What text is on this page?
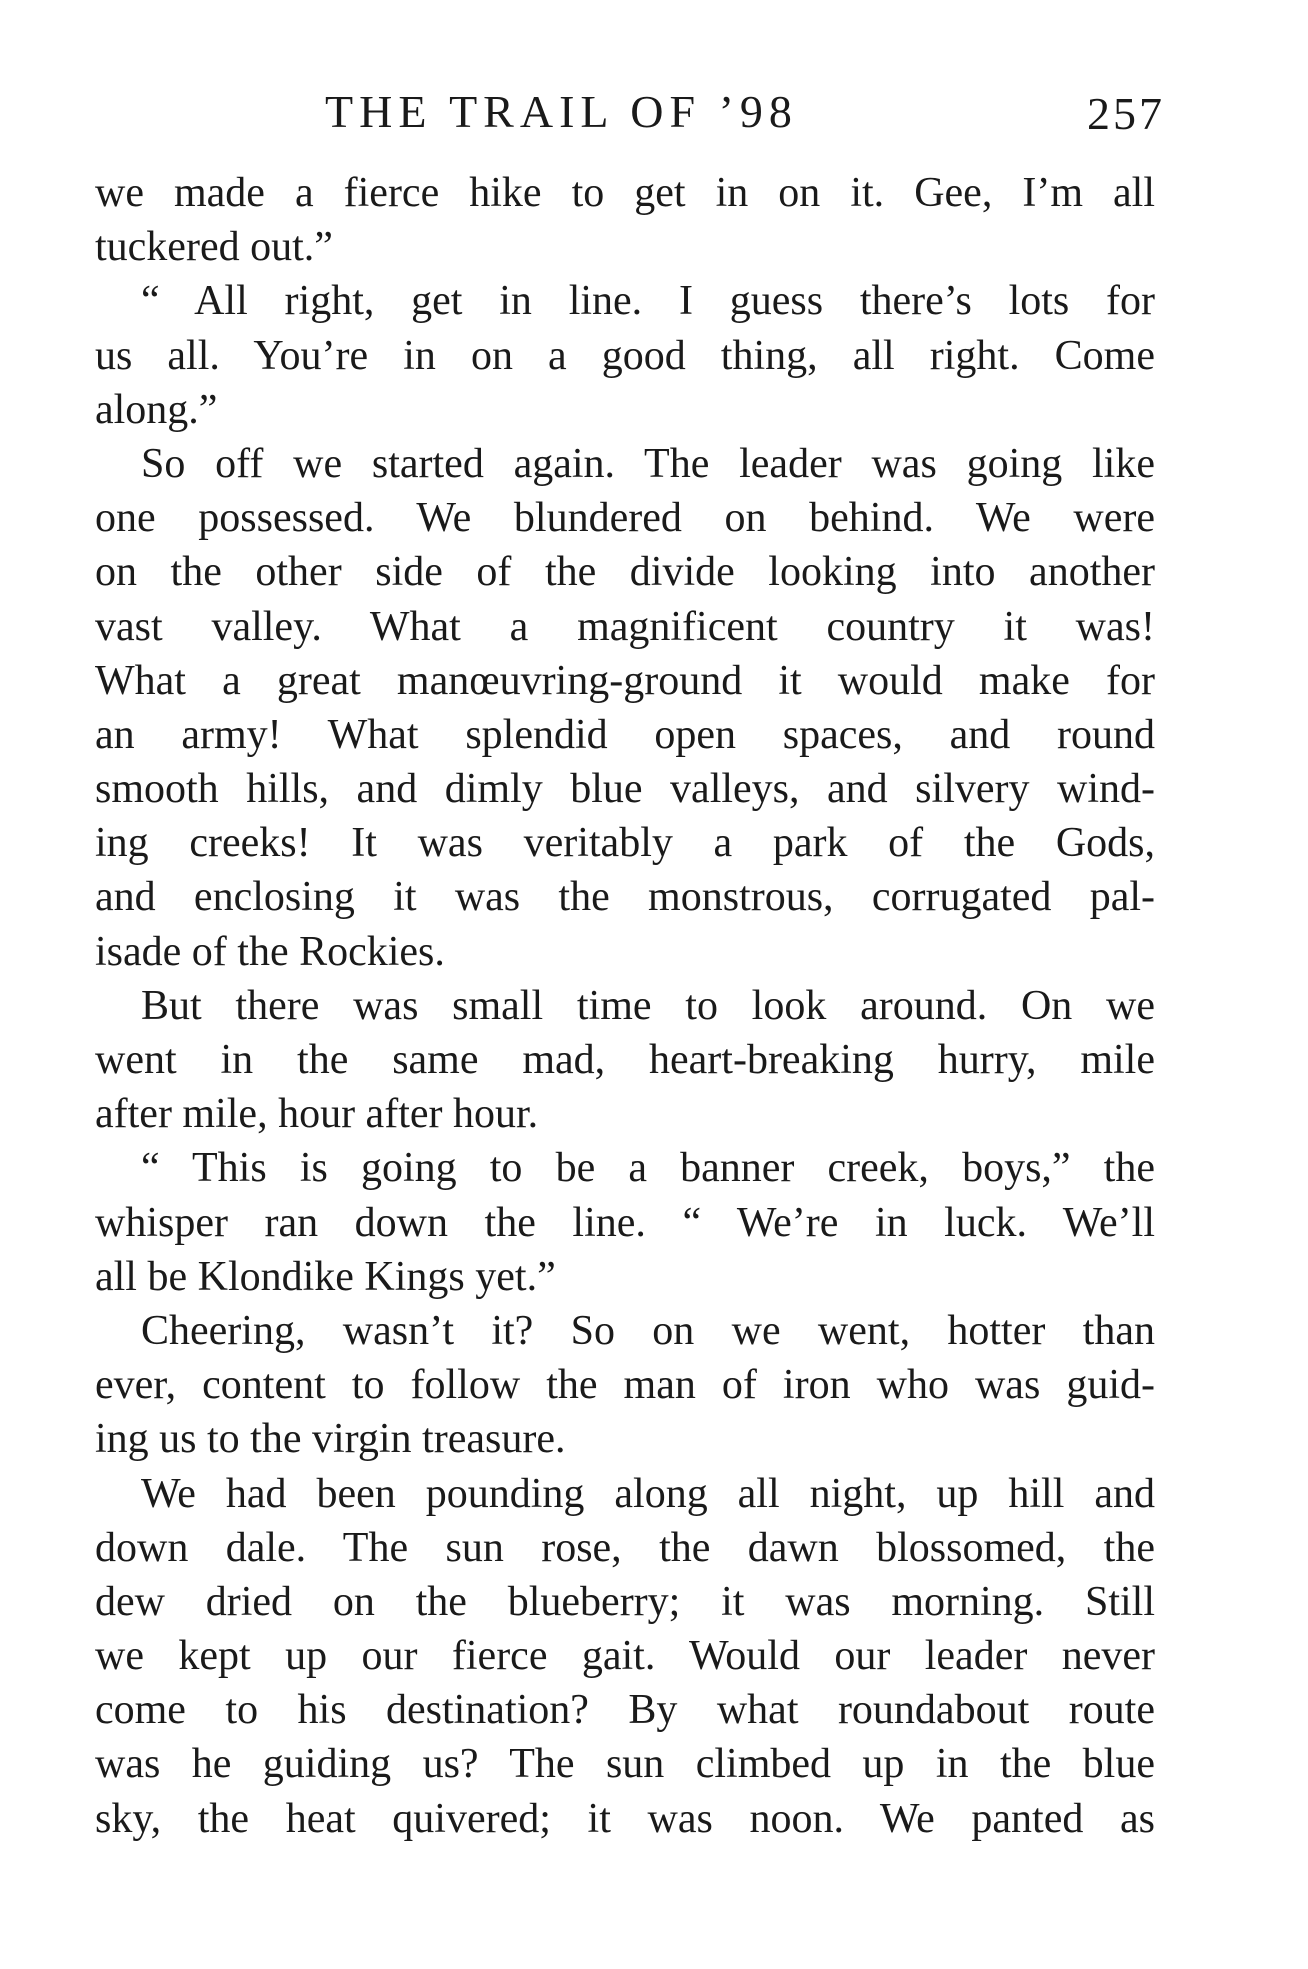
THE TRAIL OF ’98	257
we made a fierce hike to get in on it. Gee, I’m all
tuckered out.”
“ All right, get in line. I guess there’s lots for
us all. You’re in on a good thing, all right. Come
along.”
So off we started again. The leader was going like
one possessed. We blundered on behind. We were
on the other side of the divide looking into another
vast valley. What a magnificent country it was!
What a great manœuvring-ground it would make for
an army! What splendid open spaces, and round
smooth hills, and dimly blue valleys, and silvery wind-
ing creeks! It was veritably a park of the Gods,
and enclosing it was the monstrous, corrugated pal-
isade of the Rockies.
But there was small time to look around. On we
went in the same mad, heart-breaking hurry, mile
after mile, hour after hour.
“ This is going to be a banner creek, boys,” the
whisper ran down the line. “ We’re in luck. We’ll
all be Klondike Kings yet.”
Cheering, wasn’t it? So on we went, hotter than
ever, content to follow the man of iron who was guid-
ing us to the virgin treasure.
We had been pounding along all night, up hill and
down dale. The sun rose, the dawn blossomed, the
dew dried on the blueberry; it was morning. Still
we kept up our fierce gait. Would our leader never
come to his destination? By what roundabout route
was he guiding us? The sun climbed up in the blue
sky, the heat quivered; it was noon. We panted as
